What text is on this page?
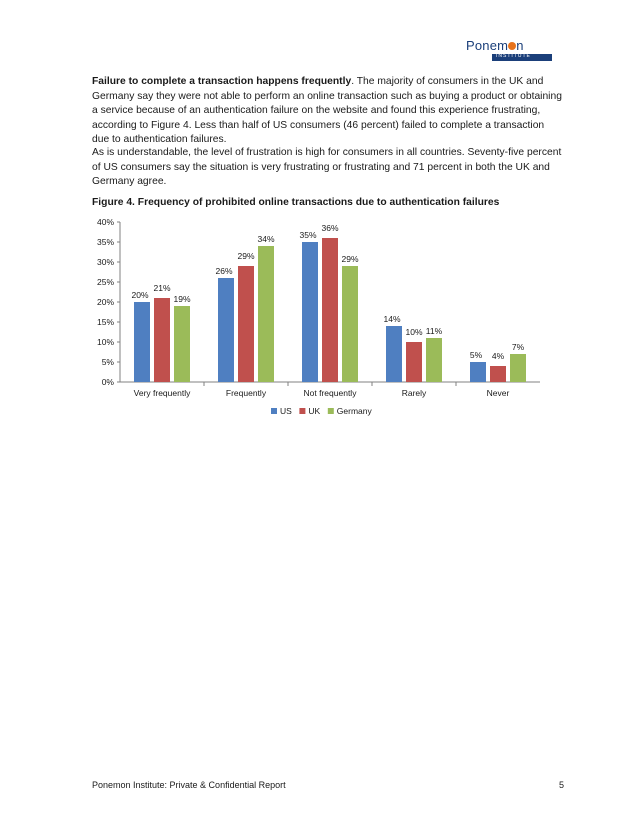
Ponem n
INSTITUTE

Failure to complete a transaction happens frequently. The majority of consumers in the UK and Germany say they were not able to perform an online transaction such as buying a product or obtaining a service because of an authentication failure on the website and found this experience frustrating, according to Figure 4. Less than half of US consumers (46 percent) failed to complete a transaction due to authentication failures.

As is understandable, the level of frustration is high for consumers in all countries. Seventy-five percent of US consumers say the situation is very frustrating or frustrating and 71 percent in both the UK and Germany agree.

Figure 4. Frequency of prohibited online transactions due to authentication failures

0%
5%
10%
15%
20%
25%
30%
35%
40%
Very frequently
20%
21%
19%
Frequently
26%
29%
34%
Not frequently
35%
36%
29%
Rarely
14%
10% 11%
Never
5% 4%
7%
US UK Germany
Ponemon Institute: Private & Confidential Report	5
